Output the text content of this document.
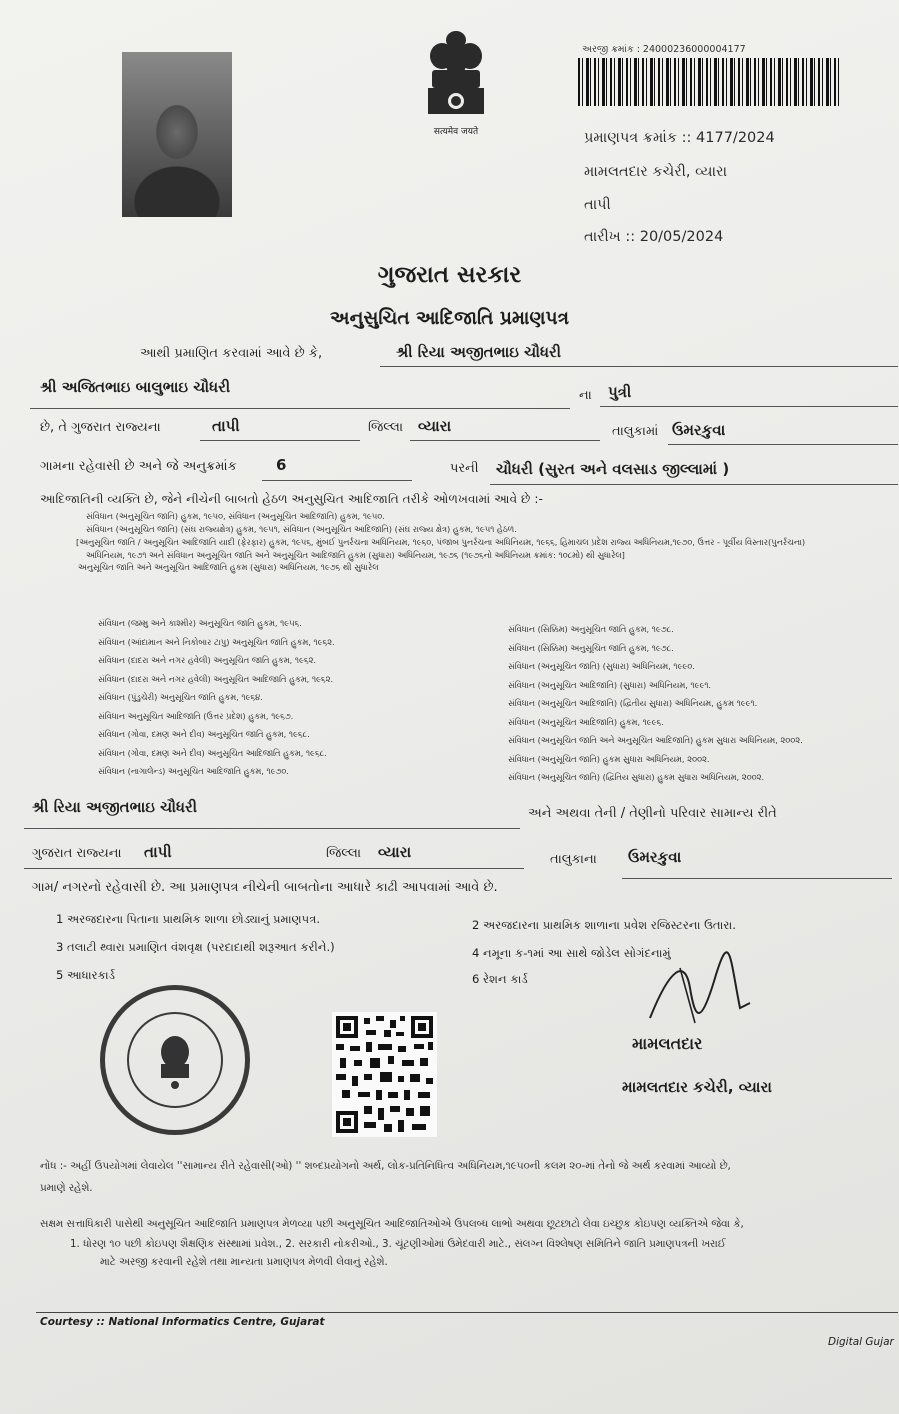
सत्यमेव जयते
અરજી ક્રમાંક : 24000236000004177
પ્રમાણપત્ર ક્રમાંક :: 4177/2024
મામલતદાર કચેરી, વ્યારા
તાપી
તારીખ :: 20/05/2024
ગુજરાત સરકાર
અનુસુચિત આદિજાતિ પ્રમાણપત્ર
આથી પ્રમાણિત કરવામાં આવે છે કે,	શ્રી રિયા અજીતભાઇ ચૌધરી
શ્રી અજિતભાઇ બાલુભાઇ ચૌધરી	ના પુત્રી
છે, તે ગુજરાત રાજ્યના	તાપી	જિલ્લા વ્યારા	તાલુકામાં ઉમરકુવા
ગામના રહેવાસી છે અને જે અનુક્રમાંક	6	પરની ચૌધરી (સુરત અને વલસાડ જીલ્લામાં )
આદિજાતિની વ્યક્તિ છે, જેને નીચેની બાબતો હેઠળ અનુસુચિત આદિજાતિ તરીકે ઓળખવામાં આવે છે :-
સંવિધાન (અનુસૂચિત જાતિ) હુકમ, ૧૯૫૦, સંવિધાન (અનુસૂચિત આદિજાતિ) હુકમ, ૧૯૫૦.
સંવિધાન (અનુસૂચિત જાતિ) (સંઘ રાજ્યક્ષેત્ર) હુકમ, ૧૯૫૧, સંવિધાન (અનુસૂચિત આદિજાતિ) (સંઘ રાજ્ય ક્ષેત્ર) હુકમ, ૧૯૫૧ હેઠળ.
[અનુસૂચિત જાતિ / અનુસૂચિત આદિજાતિ યાદી (ફેરફાર) હુકમ, ૧૯૫૬, મુંબઈ પુનર્રચના અધિનિયમ, ૧૯૬૦, પંજાબ પુનર્રચના અધિનિયમ, ૧૯૬૬, હિમાચલ પ્રદેશ રાજ્ય અધિનિયમ,૧૯૭૦, ઉત્તર - પૂર્વીય વિસ્તાર(પુનર્રચના)
અધિનિયમ, ૧૯૭૧ અને સંવિધાન અનુસૂચિત જાતિ અને અનુસૂચિત આદિજાતિ હુકમ (સુધારા) અધિનિયમ, ૧૯૭૬ (૧૯૭૬નો અધિનિયમ ક્રમાંક: ૧૦૮મો) થી સુધારેલ]
અનુસૂચિત જાતિ અને અનુસૂચિત આદિજાતિ હુકમ (સુધારા) અધિનિયમ, ૧૯૭૬ થી સુધારેલ
સંવિધાન (જમ્મુ અને કાશ્મીર) અનુસૂચિત જાતિ હુકમ, ૧૯૫૬.
સંવિધાન (આંદામાન અને નિકોબાર ટાપુ) અનુસૂચિત જાતિ હુકમ, ૧૯૬૨.
સંવિધાન (દાદરા અને નગર હવેલી) અનુસૂચિત જાતિ હુકમ, ૧૯૬૨.
સંવિધાન (દાદરા અને નગર હવેલી) અનુસૂચિત આદિજાતિ હુકમ, ૧૯૬૨.
સંવિધાન (પુંડુચેરી) અનુસૂચિત જાતિ હુકમ, ૧૯૬૪.
સંવિધાન અનુસૂચિત આદિજાતિ (ઉત્તર પ્રદેશ) હુકમ, ૧૯૬૭.
સંવિધાન (ગોવા, દમણ અને દીવ) અનુસૂચિત જાતિ હુકમ, ૧૯૬૮.
સંવિધાન (ગોવા, દમણ અને દીવ) અનુસૂચિત આદિજાતિ હુકમ, ૧૯૬૮.
સંવિધાન (નાગાલેન્ડ) અનુસૂચિત આદિજાતિ હુકમ, ૧૯૭૦.
સંવિધાન (સિક્કિમ) અનુસૂચિત જાતિ હુકમ, ૧૯૭૮.
સંવિધાન (સિક્કિમ) અનુસૂચિત જાતિ હુકમ, ૧૯૭૮.
સંવિધાન (અનુસૂચિત જાતિ) (સુધારા) અધિનિયમ, ૧૯૯૦.
સંવિધાન (અનુસૂચિત આદિજાતિ) (સુધારા) અધિનિયમ, ૧૯૯૧.
સંવિધાન (અનુસૂચિત આદિજાતિ) (દ્વિતીય સુધારા) અધિનિયમ, હુકમ ૧૯૯૧.
સંવિધાન (અનુસૂચિત આદિજાતિ) હુકમ, ૧૯૯૬.
સંવિધાન (અનુસૂચિત જાતિ અને અનુસૂચિત આદિજાતિ) હુકમ સુધારા અધિનિયમ, ૨૦૦૨.
સંવિધાન (અનુસૂચિત જાતિ) હુકમ સુધારા અધિનિયમ, ૨૦૦૨.
સંવિધાન (અનુસૂચિત જાતિ) (દ્વિતિય સુધારા) હુકમ સુધારા અધિનિયમ, ૨૦૦૨.
શ્રી રિયા અજીતભાઇ ચૌધરી	અને અથવા તેની / તેણીનો પરિવાર સામાન્ય રીતે
ગુજરાત રાજ્યના તાપી	જિલ્લા વ્યારા	તાલુકાના ઉમરકુવા
ગામ/ નગરનો રહેવાસી છે. આ પ્રમાણપત્ર નીચેની બાબતોના આધારે કાઢી આપવામાં આવે છે.
1 અરજદારના પિતાના પ્રાથમિક શાળા છોડ્યાનું પ્રમાણપત્ર.	2 અરજદારના પ્રાથમિક શાળાના પ્રવેશ રજિસ્ટરના ઉતારા.
3 તલાટી થ્વારા પ્રમાણિત વંશવૃક્ષ (પરદાદાથી શરૂઆત કરીને.)	4 નમૂના ક-૧માં આ સાથે જોડેલ સોગંદનામું
5 આધારકાર્ડ	6 રેશન કાર્ડ
મામલતદાર
મામલતદાર કચેરી, વ્યારા
નોંધ :- અહીં ઉપયોગમાં લેવાયેલ ''સામાન્ય રીતે રહેવાસી(ઓ) '' શબ્દપ્રયોગનો અર્થ, લોક-પ્રતિનિધિત્વ અધિનિયમ,૧૯૫૦ની કલમ ૨૦-માં તેનો જે અર્થ કરવામાં આવ્યો છે,
પ્રમાણે રહેશે.
સક્ષમ સત્તાધિકારી પાસેથી અનુસૂચિત આદિજાતિ પ્રમાણપત્ર મેળવ્યા પછી અનુસૂચિત આદિજાતિઓએ ઉપલબ્ધ લાભો અથવા છૂટછાટો લેવા ઇચ્છુક કોઇપણ વ્યક્તિએ જેવા કે,
1. ધોરણ ૧૦ પછી કોઇપણ શૈક્ષણિક સંસ્થામાં પ્રવેશ., 2. સરકારી નોકરીઓ., 3. ચૂંટણીઓમાં ઉમેદવારી માટે., સંલગ્ન વિશ્લેષણ સમિતિને જાતિ પ્રમાણપત્રની ખરાઈ
માટે અરજી કરવાની રહેશે તથા માન્યતા પ્રમાણપત્ર મેળવી લેવાનું રહેશે.
Courtesy :: National Informatics Centre, Gujarat
Digital Gujar
